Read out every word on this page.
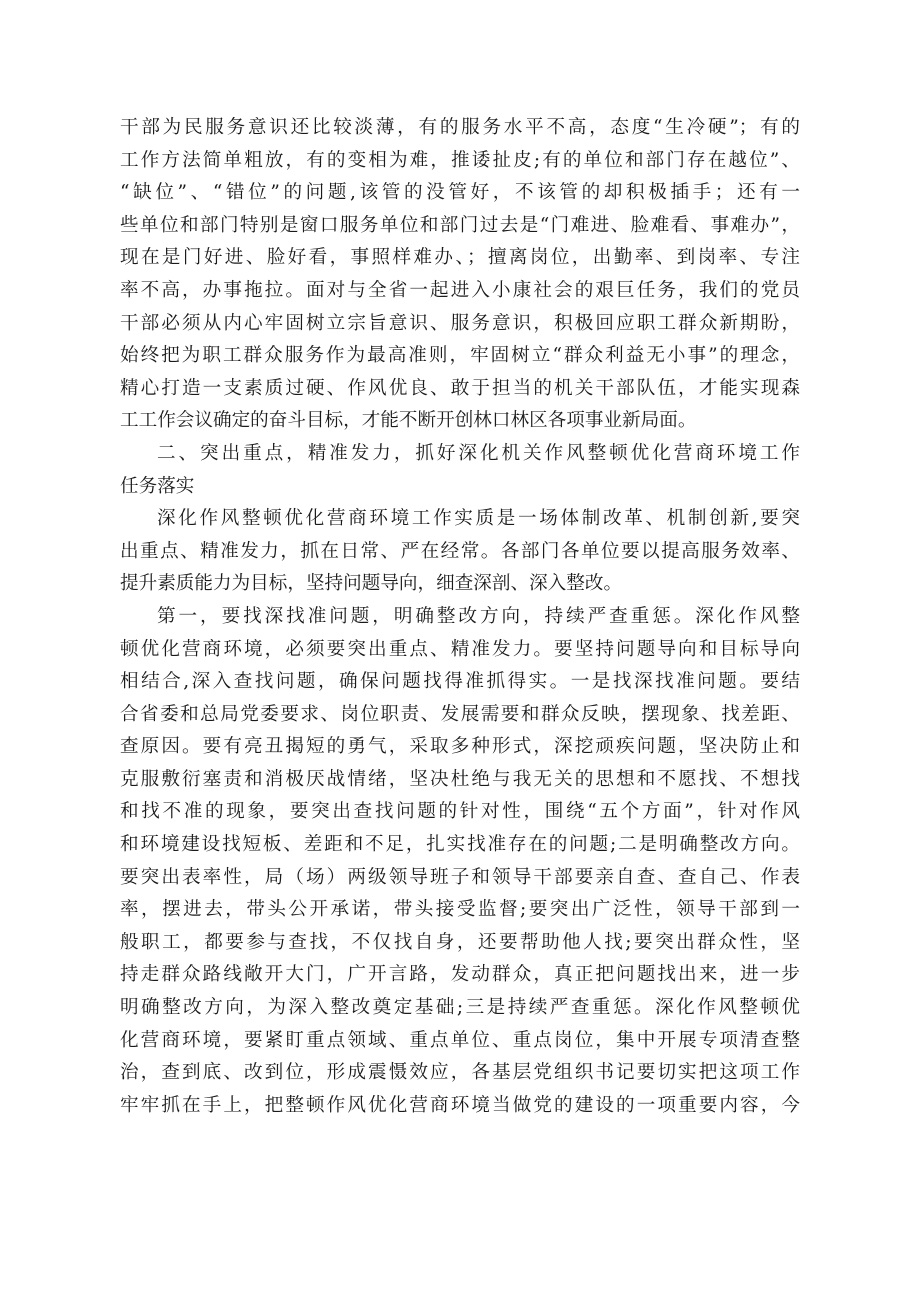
干部为民服务意识还比较淡薄，有的服务水平不高，态度“生冷硬”；有的
工作方法简单粗放，有的变相为难，推诿扯皮;有的单位和部门存在越位”、
“缺位”、“错位”的问题,该管的没管好，不该管的却积极插手；还有一
些单位和部门特别是窗口服务单位和部门过去是“门难进、脸难看、事难办”，
现在是门好进、脸好看，事照样难办、；擅离岗位，出勤率、到岗率、专注
率不高，办事拖拉。面对与全省一起进入小康社会的艰巨任务，我们的党员
干部必须从内心牢固树立宗旨意识、服务意识，积极回应职工群众新期盼，
始终把为职工群众服务作为最高准则，牢固树立“群众利益无小事”的理念，
精心打造一支素质过硬、作风优良、敢于担当的机关干部队伍，才能实现森
工工作会议确定的奋斗目标，才能不断开创林口林区各项事业新局面。
二、突出重点，精准发力，抓好深化机关作风整顿优化营商环境工作
任务落实
深化作风整顿优化营商环境工作实质是一场体制改革、机制创新,要突
出重点、精准发力，抓在日常、严在经常。各部门各单位要以提高服务效率、
提升素质能力为目标，坚持问题导向，细查深剖、深入整改。
第一，要找深找准问题，明确整改方向，持续严查重惩。深化作风整
顿优化营商环境，必须要突出重点、精准发力。要坚持问题导向和目标导向
相结合,深入查找问题，确保问题找得准抓得实。一是找深找准问题。要结
合省委和总局党委要求、岗位职责、发展需要和群众反映，摆现象、找差距、
查原因。要有亮丑揭短的勇气，采取多种形式，深挖顽疾问题，坚决防止和
克服敷衍塞责和消极厌战情绪，坚决杜绝与我无关的思想和不愿找、不想找
和找不准的现象，要突出查找问题的针对性，围绕“五个方面”，针对作风
和环境建设找短板、差距和不足，扎实找准存在的问题;二是明确整改方向。
要突出表率性，局（场）两级领导班子和领导干部要亲自查、查自己、作表
率，摆进去，带头公开承诺，带头接受监督;要突出广泛性，领导干部到一
般职工，都要参与查找，不仅找自身，还要帮助他人找;要突出群众性，坚
持走群众路线敞开大门，广开言路，发动群众，真正把问题找出来，进一步
明确整改方向，为深入整改奠定基础;三是持续严查重惩。深化作风整顿优
化营商环境，要紧盯重点领域、重点单位、重点岗位，集中开展专项清查整
治，查到底、改到位，形成震慑效应，各基层党组织书记要切实把这项工作
牢牢抓在手上，把整顿作风优化营商环境当做党的建设的一项重要内容，今
